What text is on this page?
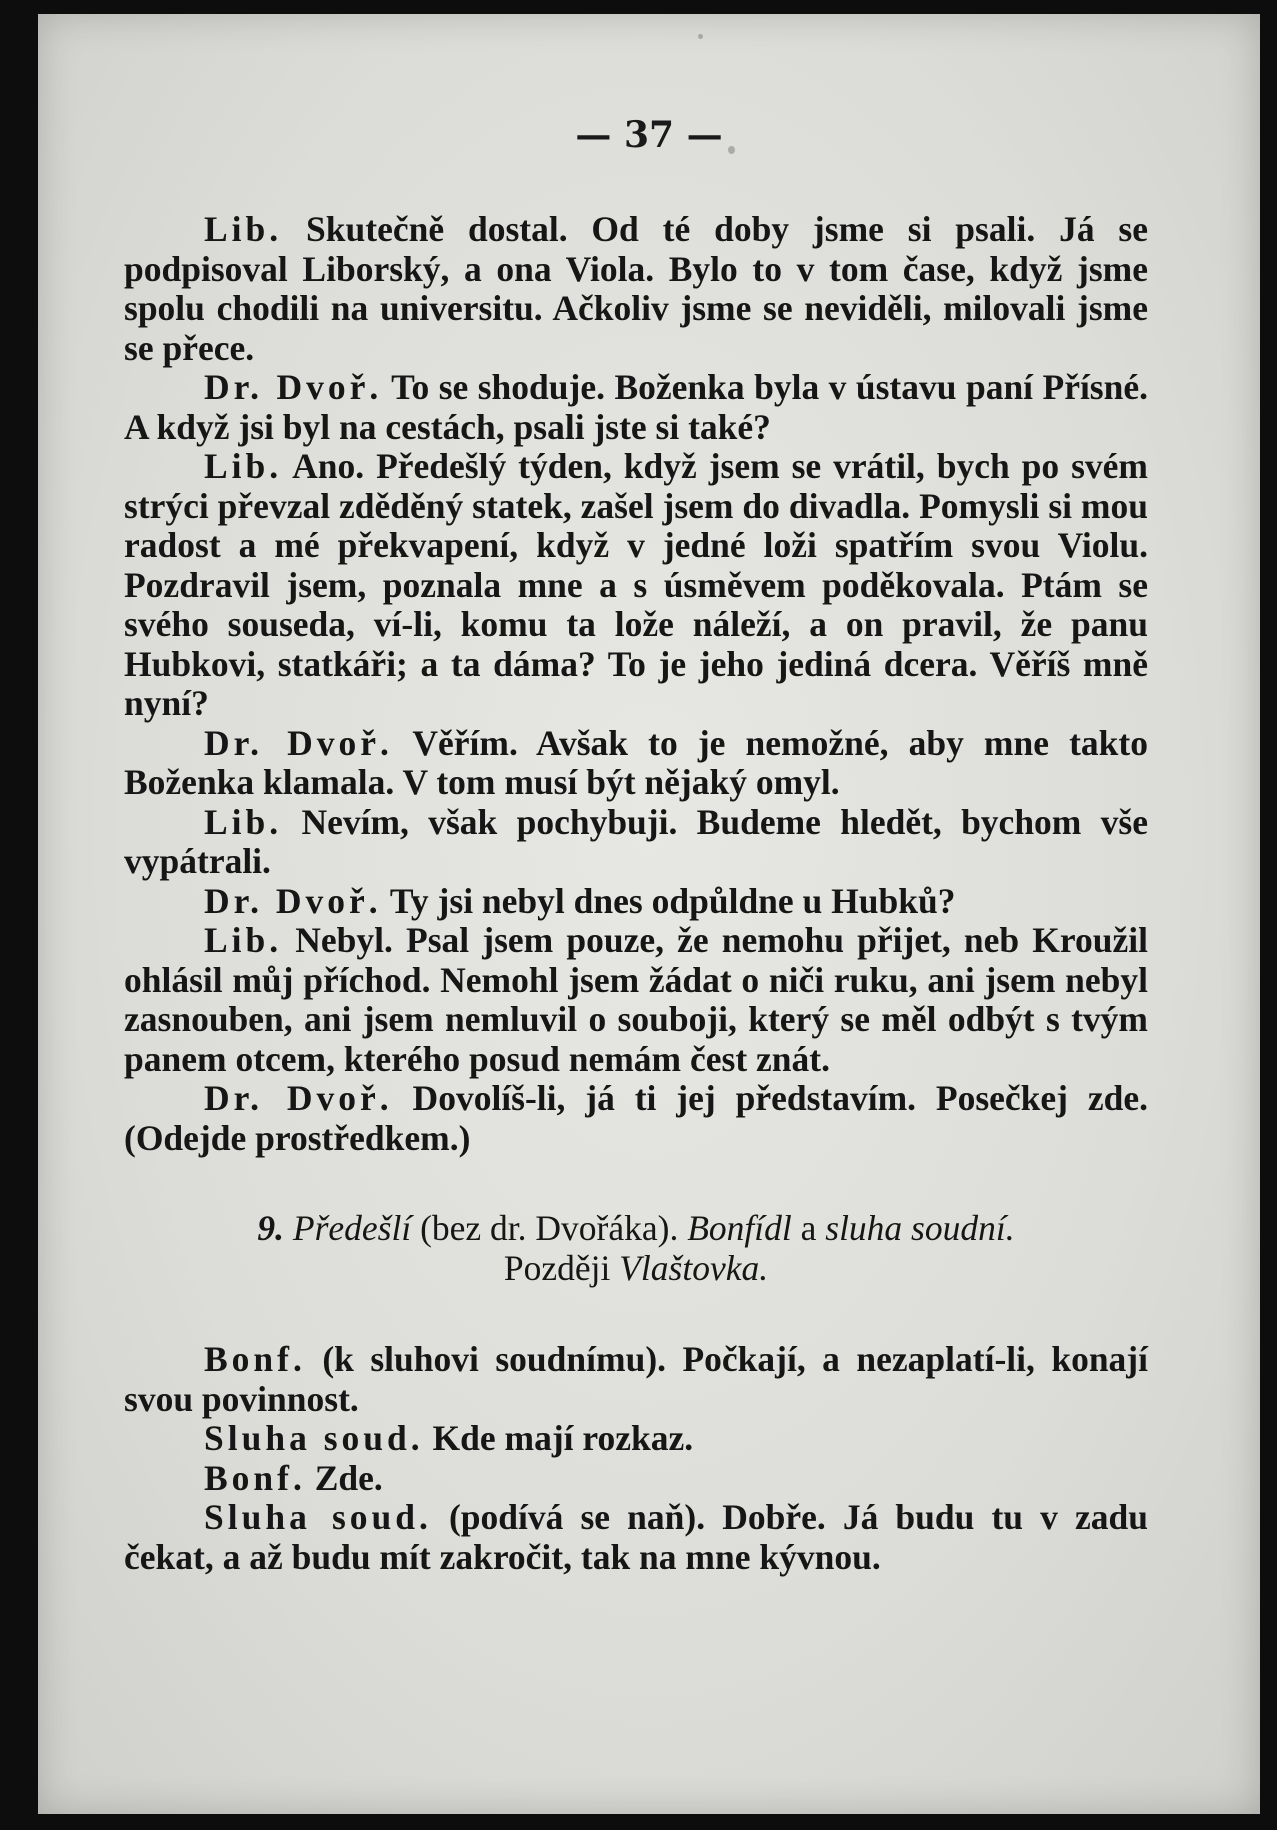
— 37 —

Lib. Skutečně dostal. Od té doby jsme si psali. Já se podpisoval Liborský, a ona Viola. Bylo to v tom čase, když jsme spolu chodili na universitu. Ačkoliv jsme se neviděli, milovali jsme se přece.

Dr. Dvoř. To se shoduje. Boženka byla v ústavu paní Přísné. A když jsi byl na cestách, psali jste si také?

Lib. Ano. Předešlý týden, když jsem se vrátil, bych po svém strýci převzal zděděný statek, zašel jsem do divadla. Pomysli si mou radost a mé překvapení, když v jedné loži spatřím svou Violu. Pozdravil jsem, poznala mne a s úsměvem poděkovala. Ptám se svého souseda, ví-li, komu ta lože náleží, a on pravil, že panu Hubkovi, statkáři; a ta dáma? To je jeho jediná dcera. Věříš mně nyní?

Dr. Dvoř. Věřím. Avšak to je nemožné, aby mne takto Boženka klamala. V tom musí být nějaký omyl.

Lib. Nevím, však pochybuji. Budeme hledět, bychom vše vypátrali.

Dr. Dvoř. Ty jsi nebyl dnes odpůldne u Hubků?

Lib. Nebyl. Psal jsem pouze, že nemohu přijet, neb Kroužil ohlásil můj příchod. Nemohl jsem žádat o niči ruku, ani jsem nebyl zasnouben, ani jsem nemluvil o souboji, který se měl odbýt s tvým panem otcem, kterého posud nemám čest znát.

Dr. Dvoř. Dovolíš-li, já ti jej představím. Posečkej zde. (Odejde prostředkem.)

9. Předešlí (bez dr. Dvořáka). Bonfídl a sluha soudní.
Později Vlaštovka.

Bonf. (k sluhovi soudnímu). Počkají, a nezaplatí-li, konají svou povinnost.

Sluha soud. Kde mají rozkaz.

Bonf. Zde.

Sluha soud. (podívá se naň). Dobře. Já budu tu v zadu čekat, a až budu mít zakročit, tak na mne kývnou.
